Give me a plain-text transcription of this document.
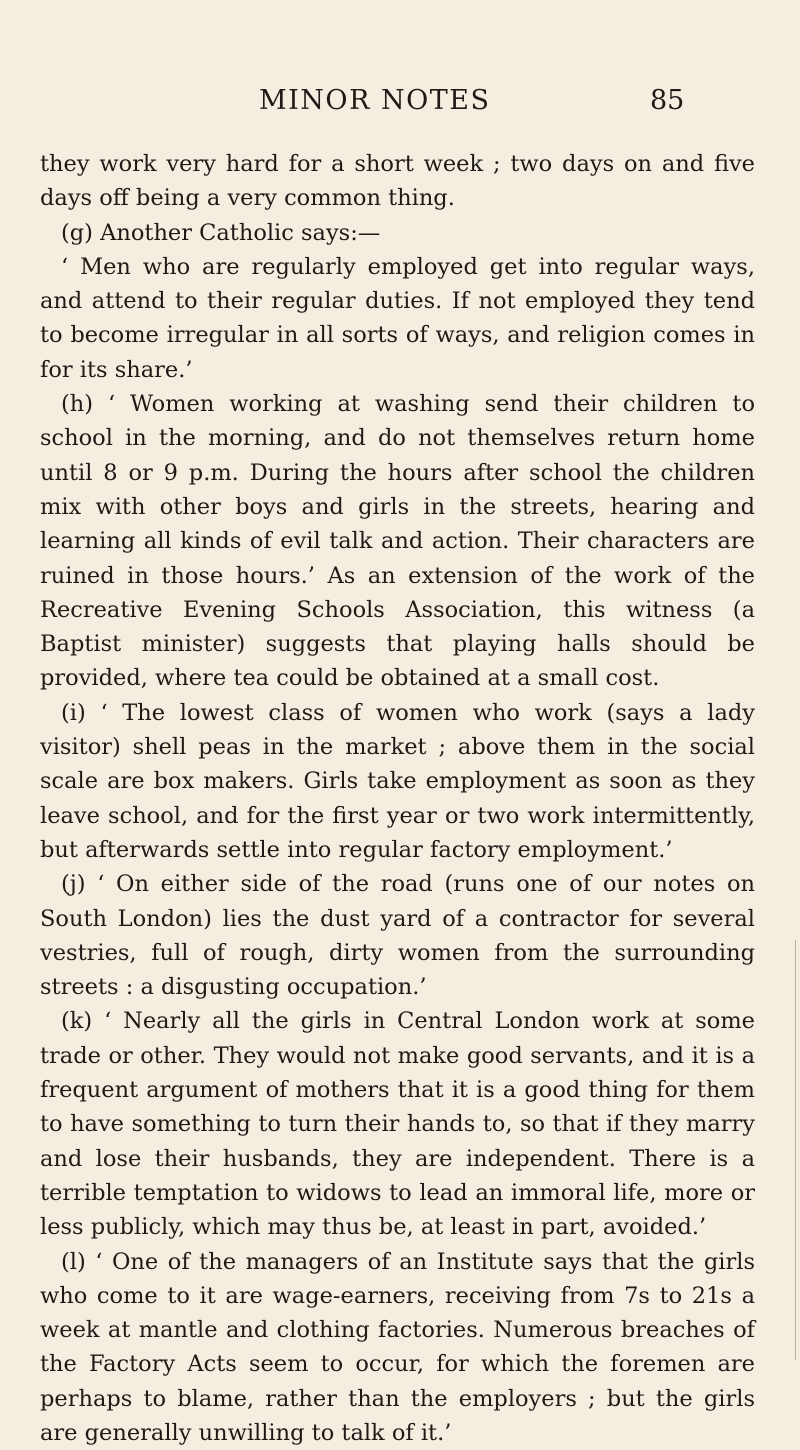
MINOR NOTES	85

they work very hard for a short week ; two days on and five days off being a very common thing.

(g) Another Catholic says:—

‘ Men who are regularly employed get into regular ways, and attend to their regular duties. If not employed they tend to become irregular in all sorts of ways, and religion comes in for its share.’

(h) ‘ Women working at washing send their children to school in the morning, and do not themselves return home until 8 or 9 p.m. During the hours after school the children mix with other boys and girls in the streets, hearing and learning all kinds of evil talk and action. Their characters are ruined in those hours.’ As an extension of the work of the Recreative Evening Schools Association, this witness (a Baptist minister) suggests that playing halls should be provided, where tea could be obtained at a small cost.

(i) ‘ The lowest class of women who work (says a lady visitor) shell peas in the market ; above them in the social scale are box makers. Girls take employment as soon as they leave school, and for the first year or two work intermittently, but afterwards settle into regular factory employment.’

(j) ‘ On either side of the road (runs one of our notes on South London) lies the dust yard of a contractor for several vestries, full of rough, dirty women from the surrounding streets : a disgusting occupation.’

(k) ‘ Nearly all the girls in Central London work at some trade or other. They would not make good servants, and it is a frequent argument of mothers that it is a good thing for them to have something to turn their hands to, so that if they marry and lose their husbands, they are independent. There is a terrible temptation to widows to lead an immoral life, more or less publicly, which may thus be, at least in part, avoided.’

(l) ‘ One of the managers of an Institute says that the girls who come to it are wage-earners, receiving from 7s to 21s a week at mantle and clothing factories. Numerous breaches of the Factory Acts seem to occur, for which the foremen are perhaps to blame, rather than the employers ; but the girls are generally unwilling to talk of it.’
